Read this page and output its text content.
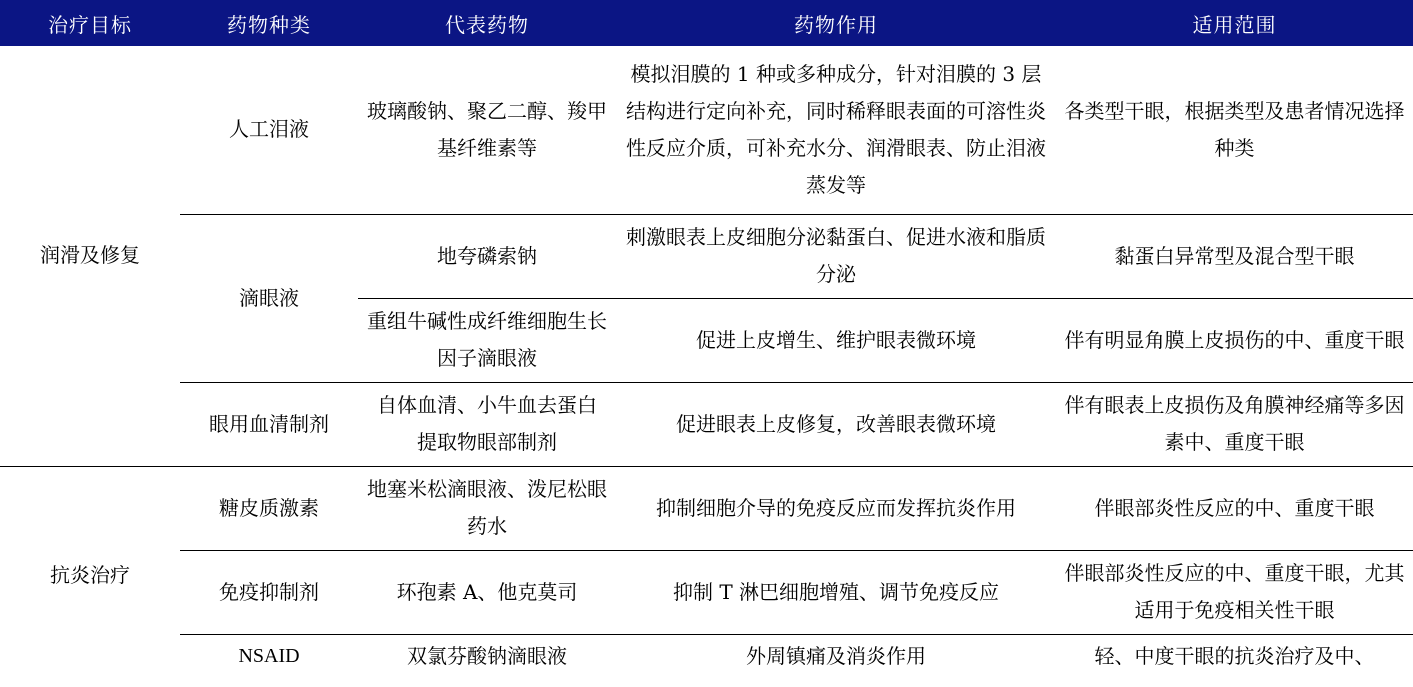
治疗目标	药物种类	代表药物	药物作用	适用范围

润滑及修复	人工泪液	玻璃酸钠、聚乙二醇、羧甲基纤维素等	模拟泪膜的 1 种或多种成分，针对泪膜的 3 层结构进行定向补充，同时稀释眼表面的可溶性炎性反应介质，可补充水分、润滑眼表、防止泪液蒸发等	各类型干眼，根据类型及患者情况选择种类

	滴眼液	地夸磷索钠	刺激眼表上皮细胞分泌黏蛋白、促进水液和脂质分泌	黏蛋白异常型及混合型干眼

		重组牛碱性成纤维细胞生长因子滴眼液	促进上皮增生、维护眼表微环境	伴有明显角膜上皮损伤的中、重度干眼

	眼用血清制剂	自体血清、小牛血去蛋白 提取物眼部制剂	促进眼表上皮修复，改善眼表微环境	伴有眼表上皮损伤及角膜神经痛等多因素中、重度干眼

抗炎治疗	糖皮质激素	地塞米松滴眼液、泼尼松眼药水	抑制细胞介导的免疫反应而发挥抗炎作用	伴眼部炎性反应的中、重度干眼

	免疫抑制剂	环孢素 A、他克莫司	抑制 T 淋巴细胞增殖、调节免疫反应	伴眼部炎性反应的中、重度干眼，尤其适用于免疫相关性干眼

	NSAID	双氯芬酸钠滴眼液	外周镇痛及消炎作用	轻、中度干眼的抗炎治疗及中、
